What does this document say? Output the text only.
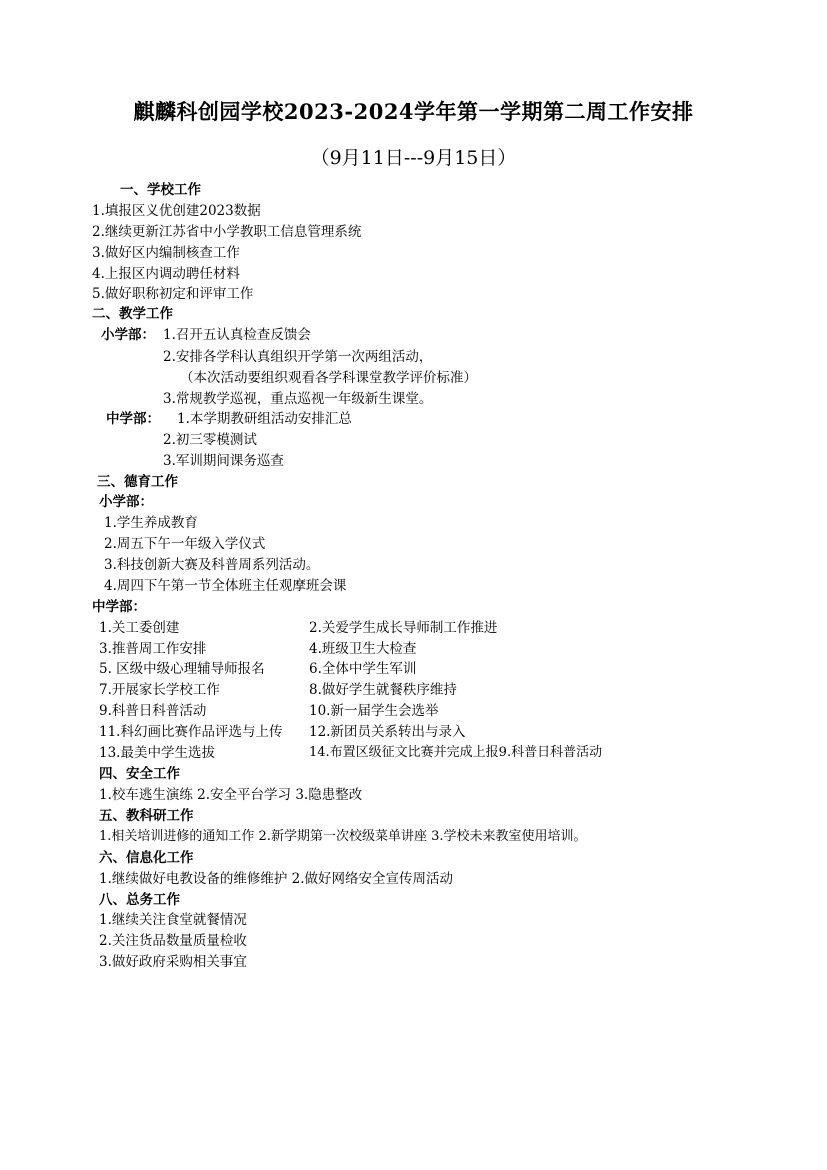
麒麟科创园学校2023-2024学年第一学期第二周工作安排
（9月11日---9月15日）
一、学校工作
1.填报区义优创建2023数据
2.继续更新江苏省中小学教职工信息管理系统
3.做好区内编制核查工作
4.上报区内调动聘任材料
5.做好职称初定和评审工作
二、教学工作
小学部： 1.召开五认真检查反馈会
2.安排各学科认真组织开学第一次两组活动，
（本次活动要组织观看各学科课堂教学评价标准）
3.常规教学巡视，重点巡视一年级新生课堂。
中学部： 1.本学期教研组活动安排汇总
2.初三零模测试
3.军训期间课务巡查
三、德育工作
小学部：
1.学生养成教育
2.周五下午一年级入学仪式
3.科技创新大赛及科普周系列活动。
4.周四下午第一节全体班主任观摩班会课
中学部：
1.关工委创建	2.关爱学生成长导师制工作推进
3.推普周工作安排	4.班级卫生大检查
5. 区级中级心理辅导师报名	6.全体中学生军训
7.开展家长学校工作	8.做好学生就餐秩序维持
9.科普日科普活动	10.新一届学生会选举
11.科幻画比赛作品评选与上传 12.新团员关系转出与录入
13.最美中学生选拔	14.布置区级征文比赛并完成上报9.科普日科普活动
四、安全工作
1.校车逃生演练 2.安全平台学习 3.隐患整改
五、教科研工作
1.相关培训进修的通知工作 2.新学期第一次校级菜单讲座 3.学校未来教室使用培训。
六、信息化工作
1.继续做好电教设备的维修维护 2.做好网络安全宣传周活动
八、总务工作
1.继续关注食堂就餐情况
2.关注货品数量质量检收
3.做好政府采购相关事宜
